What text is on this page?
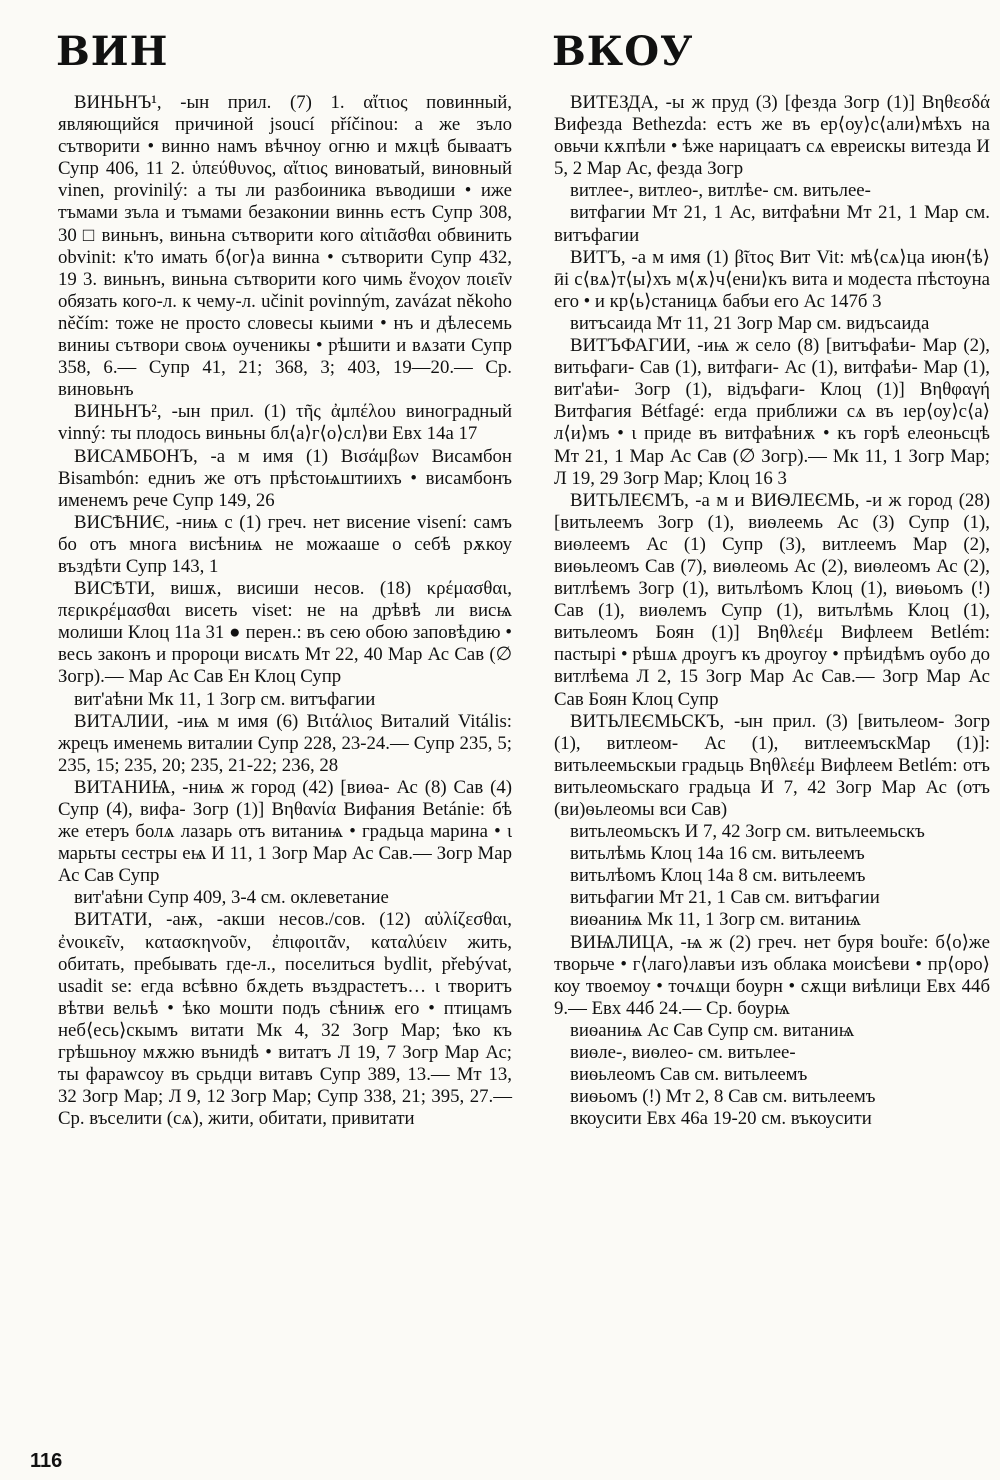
ВИН	ВКОУ

ВИНЬНЪ¹, -ын прил. (7) 1. αἴτιος повинный, являющийся причиной jsoucí příčinou: а же зъло сътворити • винно намъ вѣчноу огню и мѫцѣ бываатъ Супр 406, 11 2. ὑπεύθυνος, αἴτιος виноватый, виновный vinen, provinilý: а ты ли разбоиника въводиши • иже тъмами зъла и тъмами безаконии виннь естъ Супр 308, 30 □ виньнъ, виньна сътворити кого αἰτιᾶσθαι обвинить obvinit: к'то имать б⟨ог⟩а винна • сътворити Супр 432, 19 3. виньнъ, виньна сътворити кого чимь ἔνοχον ποιεῖν обязать кого-л. к чему-л. učinit povinným, zavázat někoho něčím: тоже не просто словесы кыими • нъ и дѣлесемь виниы сътвори своѩ оученикы • рѣшити и вѧзати Супр 358, 6.— Супр 41, 21; 368, 3; 403, 19—20.— Ср. виновьнъ

ВИНЬНЪ², -ын прил. (1) τῆς ἀμπέλου виноградный vinný: ты плодось виньны бл⟨а⟩г⟨о⟩сл⟩ви Евх 14а 17

ВИСАМБОНЪ, -а м имя (1) Βισάμβων Висамбон Bisambón: едниъ же отъ прѣстоѩштиихъ • висамбонъ именемъ рече Супр 149, 26

ВИСѢНИЄ, -ниѩ с (1) греч. нет висение visení: самъ бо отъ многа висѣниѩ не можааше о себѣ рѫкоу въздѣти Супр 143, 1

ВИСѢТИ, вишѫ, висиши несов. (18) κρέμασθαι, περικρέμασθαι висеть viset: не на дрѣвѣ ли висѩ молиши Клоц 11а 31 ● перен.: въ сею обою заповѣдию • весь законъ и пророци висѧть Мт 22, 40 Мар Ас Сав (∅ Зогр).— Мар Ас Сав Ен Клоц Супр

вит'аѣни Мк 11, 1 Зогр см. витъфагии

ВИТАЛИИ, -иѩ м имя (6) Βιτάλιος Виталий Vitális: жрецъ именемь виталии Супр 228, 23-24.— Супр 235, 5; 235, 15; 235, 20; 235, 21-22; 236, 28

ВИТАНИѨ, -ниѩ ж город (42) [виѳа- Ас (8) Сав (4) Супр (4), вифа- Зогр (1)] Βηθανία Вифания Betánie: бѣ же етеръ болѧ лазарь отъ витаниѩ • градьца марина • ι марьты сестры еѩ И 11, 1 Зогр Мар Ас Сав.— Зогр Мар Ас Сав Супр

вит'аѣни Супр 409, 3-4 см. оклеветание

ВИТАТИ, -аѭ, -акши несов./сов. (12) αὐλίζεσθαι, ἐνοικεῖν, κατασκηνοῦν, ἐπιφοιτᾶν, καταλύειν жить, обитать, пребывать где-л., поселиться bydlit, přebývat, usadit se: егда всѣвно бѫдеть въздрастетъ… ι творитъ вѣтви вельѣ • ѣко мошти подъ сѣниѭ его • птицамъ неб⟨есь⟩скымъ витати Мк 4, 32 Зогр Мар; ѣко къ грѣшьноу мѫжю вънидѣ • витатъ Л 19, 7 Зогр Мар Ас; ты фараwсоу въ срьдци витавъ Супр 389, 13.— Мт 13, 32 Зогр Мар; Л 9, 12 Зогр Мар; Супр 338, 21; 395, 27.— Ср. въселити (сѧ), жити, обитати, привитати

ВИТЕЗДА, -ы ж пруд (3) [фезда Зогр (1)] Βηθεσδά Вифезда Bethezda: естъ же въ ер⟨оу⟩с⟨али⟩мѣхъ на овьчи кѫпѣли • ѣже нарицаатъ сѧ евреискы витезда И 5, 2 Мар Ас, фезда Зогр

витлее-, витлео-, витлѣе- см. витьлее-

витфагии Мт 21, 1 Ас, витфаѣни Мт 21, 1 Мар см. витъфагии

ВИТЪ, -а м имя (1) βῖτος Вит Vit: мѣ⟨сѧ⟩ца июн⟨ѣ⟩ ӣі с⟨вѧ⟩т⟨ы⟩хъ м⟨ѫ⟩ч⟨ени⟩къ вита и модеста пѣстоуна его • и кр⟨ь⟩станицѧ бабъи его Ас 147б 3

витъсаида Мт 11, 21 Зогр Мар см. видъсаида

ВИТЪФАГИИ, -иѩ ж село (8) [витъфаѣи- Мар (2), витьфаги- Сав (1), витфаги- Ас (1), витфаѣи- Мар (1), вит'аѣи- Зогр (1), відъфаги- Клоц (1)] Βηθφαγή Витфагия Bétfagé: егда приближи сѧ въ ıер⟨оу⟩с⟨а⟩л⟨и⟩мъ • ι приде въ витфаѣниѫ • къ горѣ елеоньсцѣ Мт 21, 1 Мар Ас Сав (∅ Зогр).— Мк 11, 1 Зогр Мар; Л 19, 29 Зогр Мар; Клоц 16 3

ВИТЬЛЕЄМЪ, -а м и ВИѲЛЕЄМЬ, -и ж город (28) [витьлеемъ Зогр (1), виѳлеемь Ас (3) Супр (1), виѳлеемъ Ас (1) Супр (3), витлеемъ Мар (2), виѳьлеомъ Сав (7), виѳлеомь Ас (2), виѳлеомъ Ас (2), витлѣемъ Зогр (1), витьлѣомъ Клоц (1), виѳьомъ (!) Сав (1), виѳлемъ Супр (1), витьлѣмь Клоц (1), витьлеомъ Боян (1)] Βηθλεέμ Вифлеем Betlém: пастырі • рѣшѧ дроугъ къ дроугоу • прѣидѣмъ оубо до витлѣема Л 2, 15 Зогр Мар Ас Сав.— Зогр Мар Ас Сав Боян Клоц Супр

ВИТЬЛЕЄМЬСКЪ, -ын прил. (3) [витьлеом- Зогр (1), витлеом- Ас (1), витлеемъскМар (1)]: витьлеемьскыи градьць Βηθλεέμ Вифлеем Betlém: отъ витьлеомьскаго градьца И 7, 42 Зогр Мар Ас (отъ (ви)ѳьлеомы вси Сав)

витьлеомьскъ И 7, 42 Зогр см. витьлеемьскъ

витьлѣмь Клоц 14а 16 см. витьлеемъ

витьлѣомъ Клоц 14а 8 см. витьлеемъ

витьфагии Мт 21, 1 Сав см. витъфагии

виѳаниѩ Мк 11, 1 Зогр см. витаниѩ

ВИѨЛИЦА, -ѩ ж (2) греч. нет буря bouře: б⟨о⟩же творьче • г⟨лаго⟩лавъи изъ облака моисѣеви • пр⟨оро⟩коу твоемоу • точѧщи боурн • сѫщи виѣлици Евх 44б 9.— Евх 44б 24.— Ср. боурѩ

виѳаниѩ Ас Сав Супр см. витаниѩ

виѳле-, виѳлео- см. витьлее-

виѳьлеомъ Сав см. витьлеемъ

виѳьомъ (!) Мт 2, 8 Сав см. витьлеемъ

вкоусити Евх 46а 19-20 см. въкоусити

116
